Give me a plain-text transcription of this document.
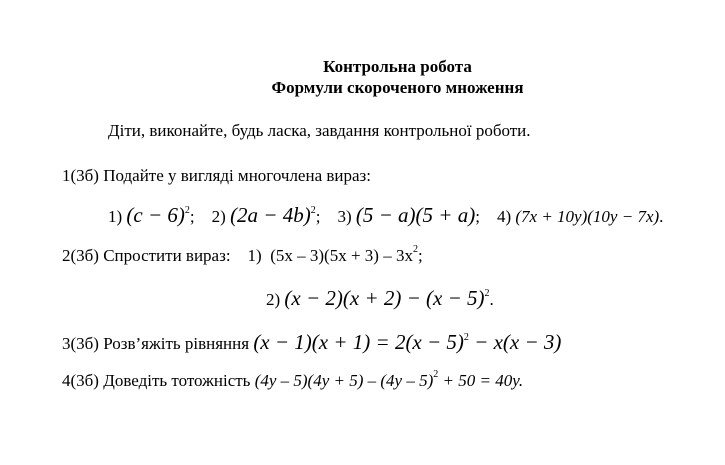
Контрольна робота
Формули скороченого множення
Діти, виконайте, будь ласка, завдання контрольної роботи.
1(3б) Подайте у вигляді многочлена вираз:
1) $(c - 6)^2$; 2) $(2a - 4b)^2$; 3) (5 − a)(5 + a); 4) (7x + 10y)(10y − 7x).
2(3б) Спростити вираз: 1) $(5x - 3)(5x + 3) - 3x^2$;
2) $(x - 2)(x + 2) - (x - 5)^2$.
3(3б) Розв’яжіть рівняння $(x - 1)(x + 1) = 2(x - 5)^2 - x(x - 3)$
4(3б) Доведіть тотожність (4y – 5)(4y + 5) – (4y – 5)$^2$ + 50 = 40y.
